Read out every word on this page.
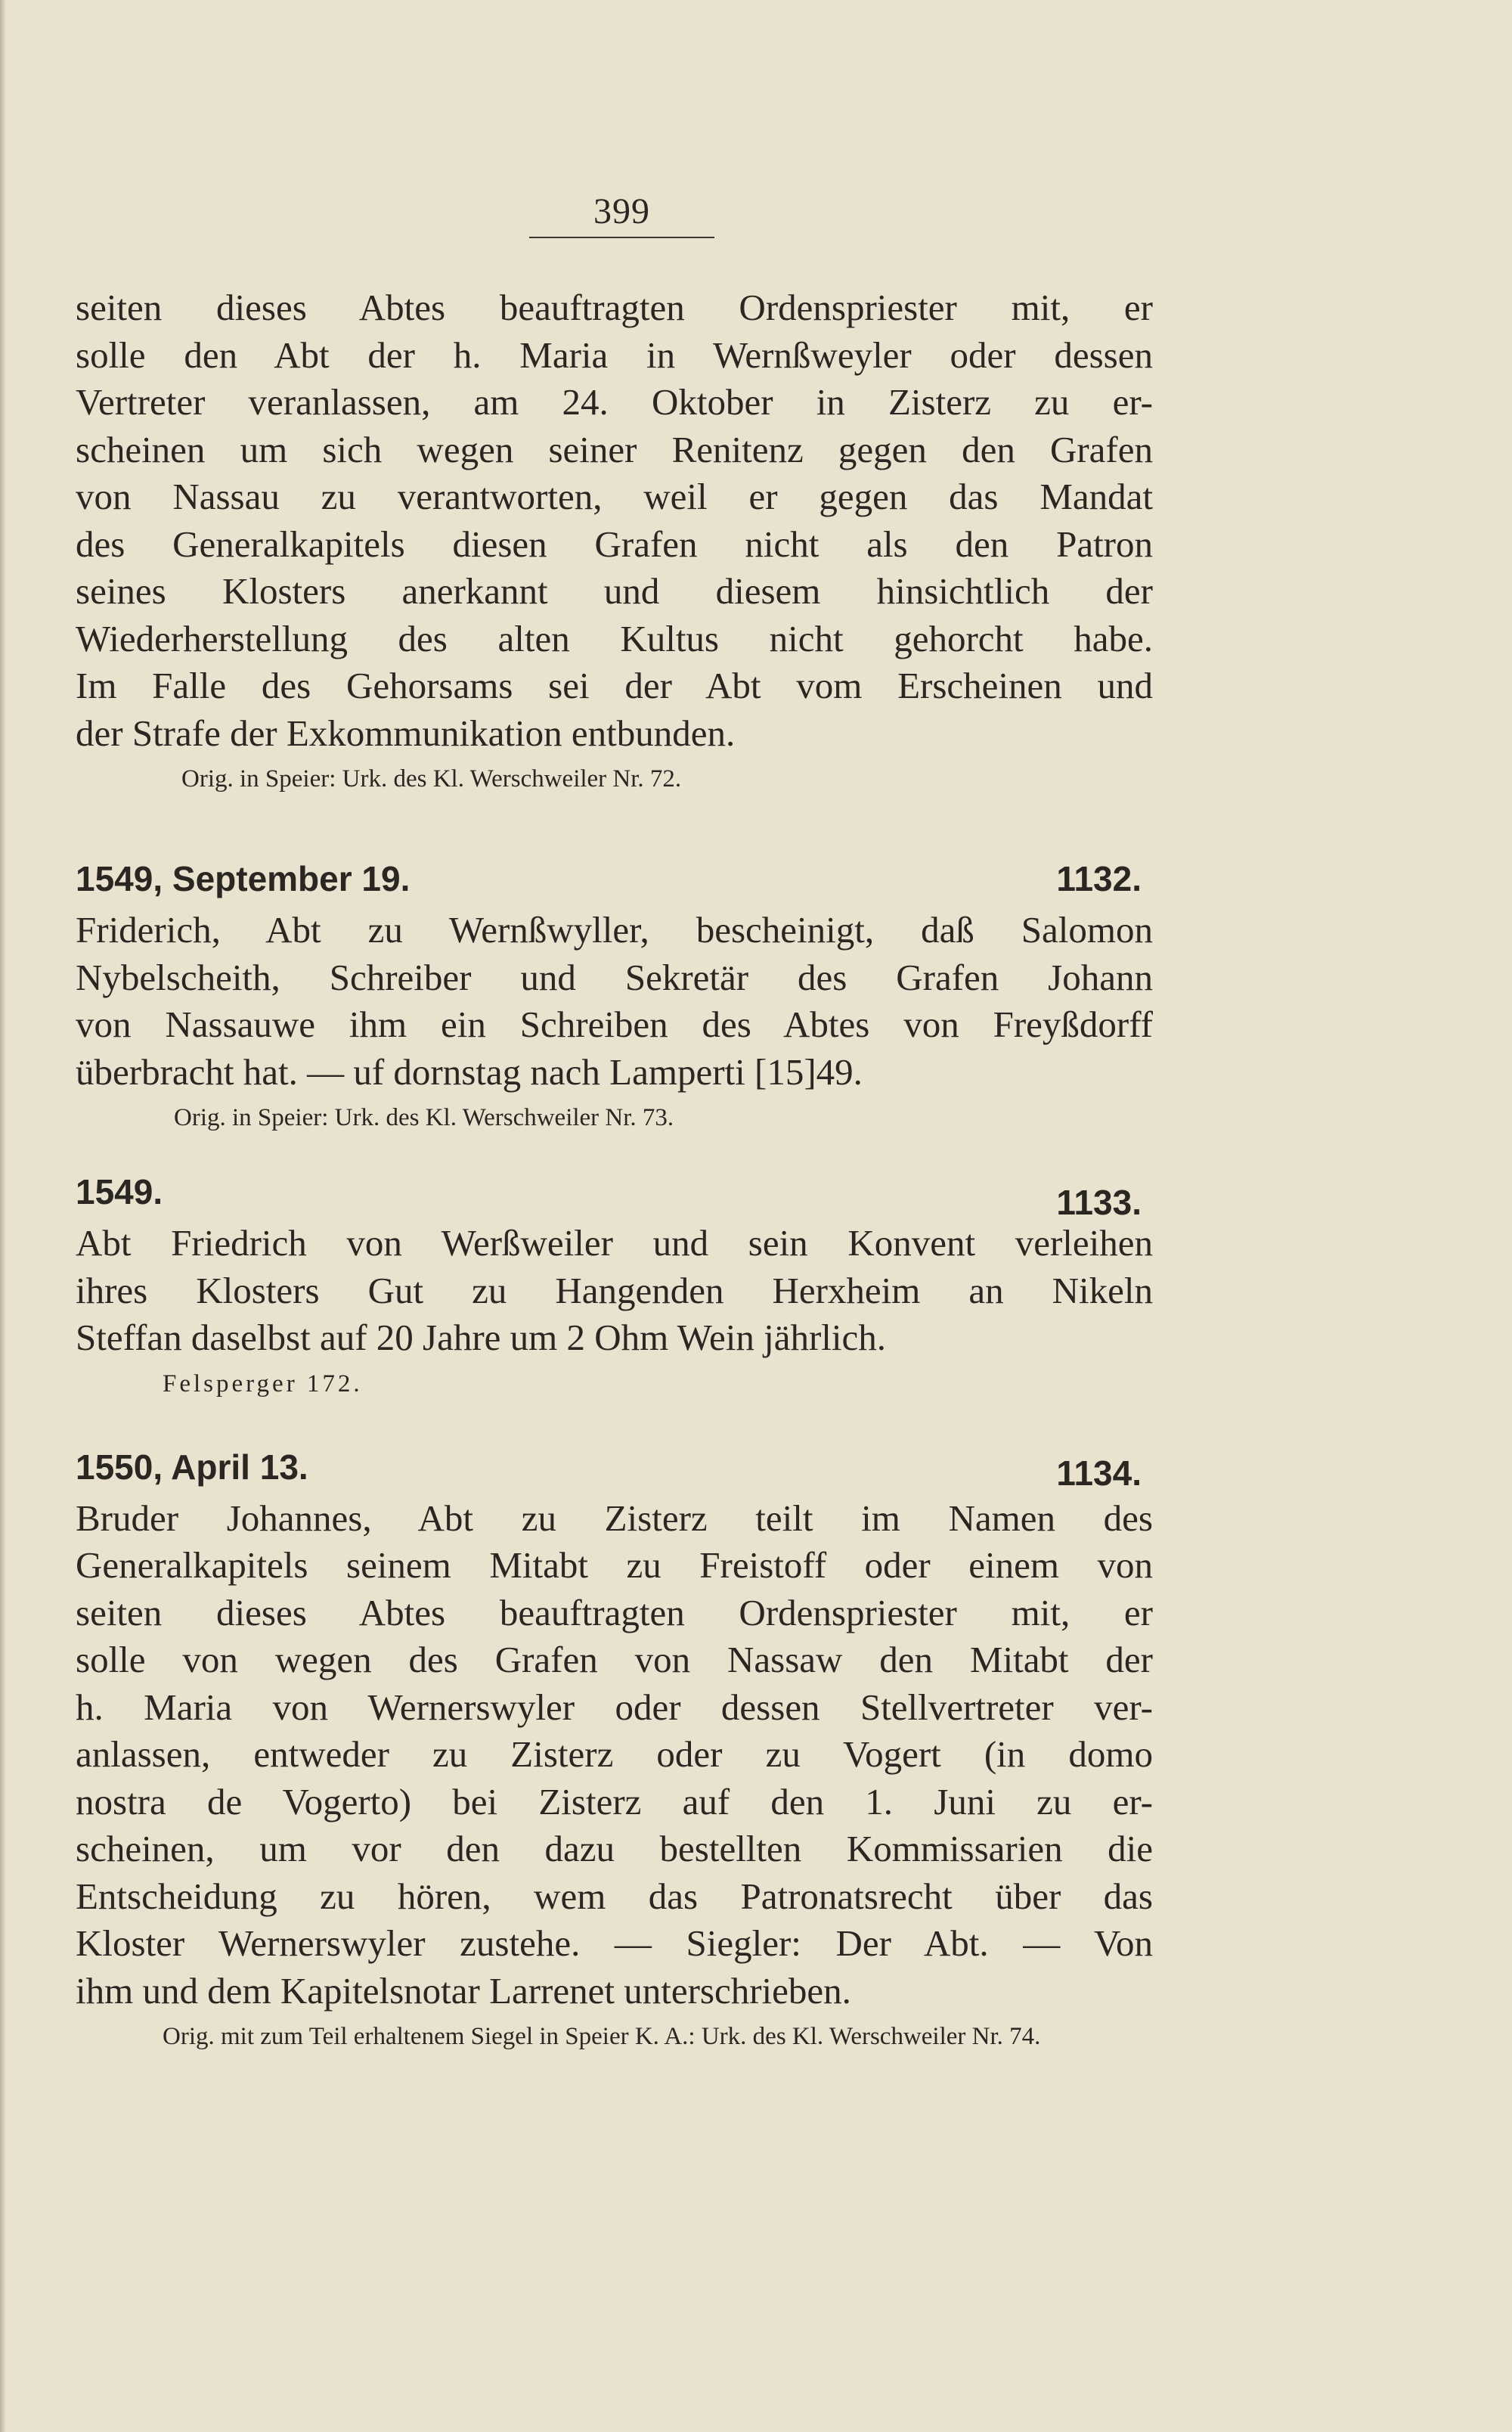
399
seiten dieses Abtes beauftragten Ordenspriester mit, er
solle den Abt der h. Maria in Wernßweyler oder dessen
Vertreter veranlassen, am 24. Oktober in Zisterz zu er-
scheinen um sich wegen seiner Renitenz gegen den Grafen
von Nassau zu verantworten, weil er gegen das Mandat
des Generalkapitels diesen Grafen nicht als den Patron
seines Klosters anerkannt und diesem hinsichtlich der
Wiederherstellung des alten Kultus nicht gehorcht habe.
Im Falle des Gehorsams sei der Abt vom Erscheinen und
der Strafe der Exkommunikation entbunden.
Orig. in Speier: Urk. des Kl. Werschweiler Nr. 72.
1549, September 19.	1132.
Friderich, Abt zu Wernßwyller, bescheinigt, daß Salomon
Nybelscheith, Schreiber und Sekretär des Grafen Johann
von Nassauwe ihm ein Schreiben des Abtes von Freyßdorff
überbracht hat. — uf dornstag nach Lamperti [15]49.
Orig. in Speier: Urk. des Kl. Werschweiler Nr. 73.
1549.	1133.
Abt Friedrich von Werßweiler und sein Konvent verleihen
ihres Klosters Gut zu Hangenden Herxheim an Nikeln
Steffan daselbst auf 20 Jahre um 2 Ohm Wein jährlich.
Felsperger 172.
1550, April 13.	1134.
Bruder Johannes, Abt zu Zisterz teilt im Namen des
Generalkapitels seinem Mitabt zu Freistoff oder einem von
seiten dieses Abtes beauftragten Ordenspriester mit, er
solle von wegen des Grafen von Nassaw den Mitabt der
h. Maria von Wernerswyler oder dessen Stellvertreter ver-
anlassen, entweder zu Zisterz oder zu Vogert (in domo
nostra de Vogerto) bei Zisterz auf den 1. Juni zu er-
scheinen, um vor den dazu bestellten Kommissarien die
Entscheidung zu hören, wem das Patronatsrecht über das
Kloster Wernerswyler zustehe. — Siegler: Der Abt. — Von
ihm und dem Kapitelsnotar Larrenet unterschrieben.
Orig. mit zum Teil erhaltenem Siegel in Speier K. A.: Urk. des Kl. Werschweiler Nr. 74.
